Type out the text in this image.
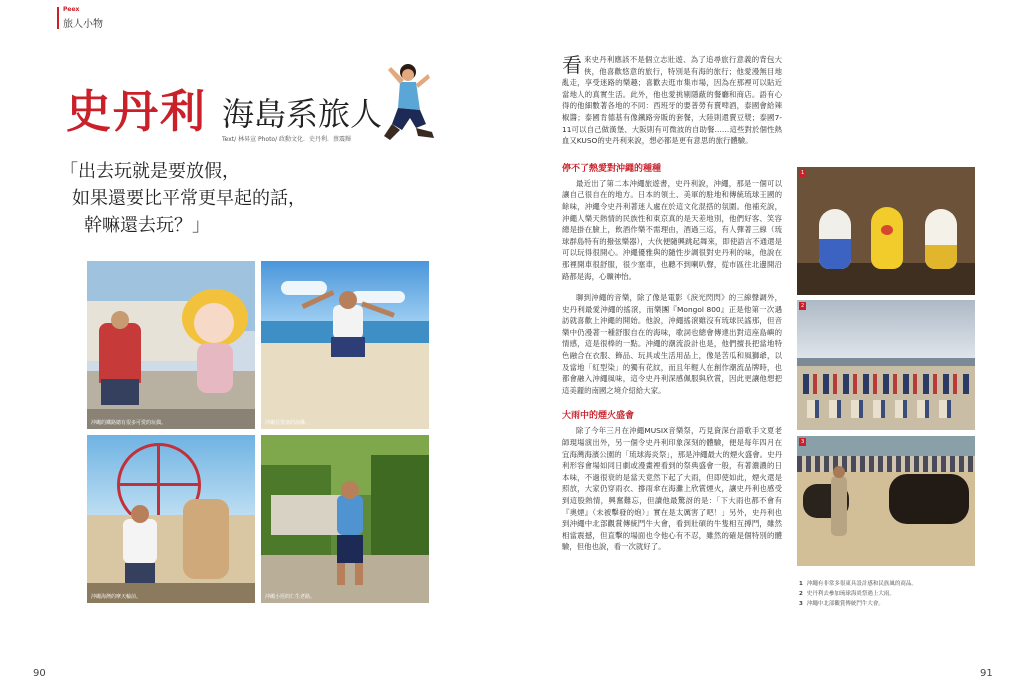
Peex
旅人小物
史丹利 海島系旅人
Text/ 林昇宣 Photo/ 政勳文化．史丹利．蔡震輝
「出去玩就是要放假，
如果還要比平常更早起的話，
幹嘛還去玩？」
沖繩的鐵路總有很多可愛的玩偶。	沖繩拉黑塞的海灘。
沖繩海灣的摩天輪前。	沖繩小徑的仁生老路。
看 來史丹利應該不是個立志壯遊、為了追尋旅行意義的背包大俠，他喜歡悠意的旅行，特別是有海的旅行；他愛漫無目地亂走，享受迷路的樂趣；喜歡去逛市集市場，因為在那裡可以貼近當地人的真實生活。此外，他也愛挑剔隱蔽的餐廳和商店。語有心得的他細數著各地的不同：西班牙的要普勞有賣啤酒，泰國會給辣椒醬；泰國肯德基有像鐵路旁販的套餐，大陸則還賣豆漿；泰國7-11可以自己做漢堡、大阪則有可微波的自助餐……這些對於個性熱血又KUSO的史丹利來說，想必都是更有意思的旅行體驗。

停不了熱愛對沖繩的種種

最近出了第二本沖繩旅遊書，史丹利說，沖繩，那是一個可以讓自己很自在的地方。日本的領土、美軍的駐地和傳統琉球王國的餘味，沖繩令史丹利著迷人處在於這文化混搭的氛圍。他補充說，沖繩人樂天熱情的民族性和東京真的是天差地別，他們好客、笑容總是掛在臉上，飲酒作樂不需理由，酒過三巡，有人彈著三線（琉球群島特有的撥弦樂器），大伙便隨興跳起舞來，即使語言不通還是可以玩得很開心。沖繩優雅與的隨性步調很對史丹利的味，他說在那裡開車很舒服，很少塞車，也聽不到喇叭聲，從市區往北邊開沿路都是海，心曠神怡。

聊到沖繩的音樂，除了像是電影《淚光閃閃》的三線聲調外，史丹利最愛沖繩的搖滾，而樂團『Mongol 800』正是他第一次遇訪就喜歡上沖繩的開始。他說，沖繩搖滾雖沒有琉球民謠那，但音樂中仍漫著一種舒服自在的海味，歌詞也總會傳達出對這座島嶼的情感，這是很棒的一點。沖繩的潮流設計也是，他們擅長把當地特色融合在衣服、飾品、玩具或生活用品上，像是苦瓜和風獅爺，以及當地「紅型染」的獨有花紋，而且年輕人在創作潮流品牌時，也都會融入沖繩風味，這令史丹利深感佩服與欣賞，因此更讓他想把這美麗的南國之境介紹給大家。

大雨中的煙火盛會

除了今年三月在沖繩MUSIX音樂祭，巧見資深台語歌手文夏老師現場演出外，另一個令史丹利印象深刻的體驗，便是每年四月在宜海灣海濱公園的「琉球海炎祭」，那是沖繩最大的煙火盛會。史丹利形容會場如同日劇或漫畫裡看到的祭典盛會一般，有著濃濃的日本味，不過很衰的是當天竟然下起了大雨，但即使如此，煙火還是照放，大家仍穿雨衣、撐雨傘在海灘上欣賞煙火，讓史丹利也感受到這股熱情，興奮難忘，但讀他最驚訝的是：「下大雨也都不會有『奧煙』（未被擊發的炮）」實在是太厲害了吧！」另外，史丹利也到沖繩中北部觀賞傳統鬥牛大會，看到壯碩的牛隻相互搏鬥，雖然相當震撼，但直擊的場面也令他心有不忍，雖然的確是個特別的體驗，但他也說，看一次就好了。

1
2
3
1 沖繩有非常多很東具設計感和民族風的商品。
2 史丹利去參加琉球海炎祭遇上大雨。
3 沖繩中北部觀賞傳統鬥牛大會。
90	91
